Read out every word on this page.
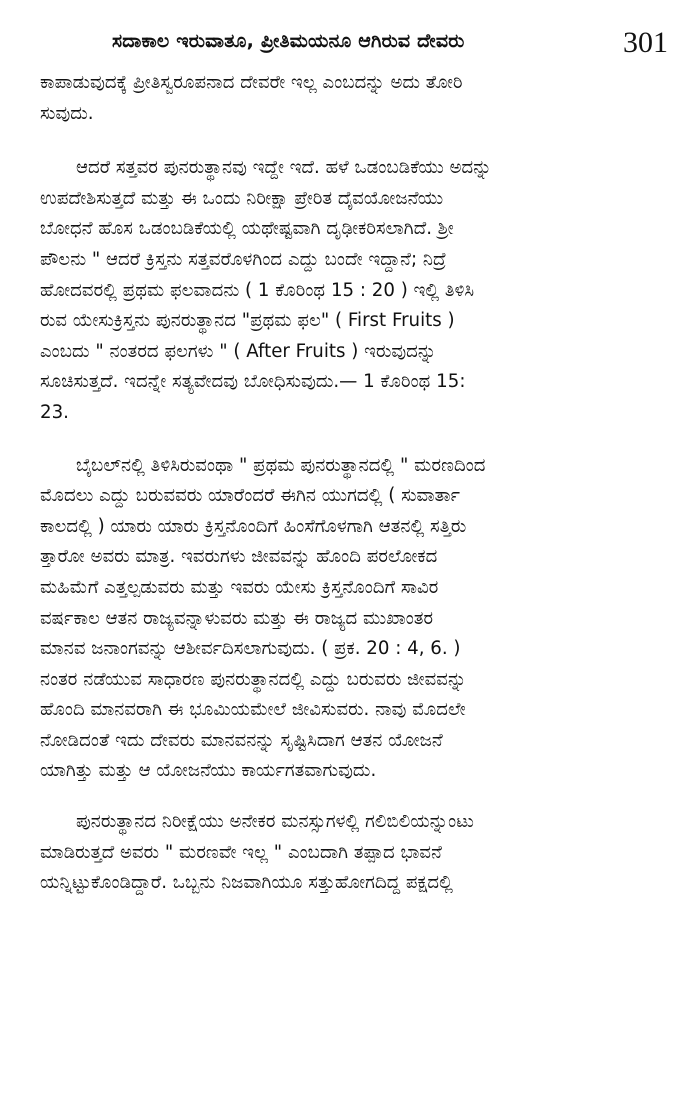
ಸದಾಕಾಲ ಇರುವಾತೂ, ಪ್ರೀತಿಮಯನೂ ಆಗಿರುವ ದೇವರು	301
ಕಾಪಾಡುವುದಕ್ಕೆ ಪ್ರೀತಿಸ್ವರೂಪನಾದ ದೇವರೇ ಇಲ್ಲ ಎಂಬದನ್ನು ಅದು ತೋರಿ
ಸುವುದು.
ಆದರೆ ಸತ್ತವರ ಪುನರುತ್ಥಾನವು ಇದ್ದೇ ಇದೆ. ಹಳೆ ಒಡಂಬಡಿಕೆಯು ಅದನ್ನು
ಉಪದೇಶಿಸುತ್ತದೆ ಮತ್ತು ಈ ಒಂದು ನಿರೀಕ್ಷಾ ಪ್ರೇರಿತ ದೈವಯೋಜನೆಯು
ಬೋಧನೆ ಹೊಸ ಒಡಂಬಡಿಕೆಯಲ್ಲಿ ಯಥೇಷ್ಟವಾಗಿ ದೃಢೀಕರಿಸಲಾಗಿದೆ. ಶ್ರೀ
ಪೌಲನು " ಆದರೆ ಕ್ರಿಸ್ತನು ಸತ್ತವರೊಳಗಿಂದ ಎದ್ದು ಬಂದೇ ಇದ್ದಾನೆ; ನಿದ್ರೆ
ಹೋದವರಲ್ಲಿ ಪ್ರಥಮ ಫಲವಾದನು ( 1 ಕೊರಿಂಥ 15 : 20 ) ಇಲ್ಲಿ ತಿಳಿಸಿ
ರುವ ಯೇಸುಕ್ರಿಸ್ತನು ಪುನರುತ್ಥಾನದ "ಪ್ರಥಮ ಫಲ" ( First Fruits )
ಎಂಬದು " ನಂತರದ ಫಲಗಳು " ( After Fruits ) ಇರುವುದನ್ನು
ಸೂಚಿಸುತ್ತದೆ. ಇದನ್ನೇ ಸತ್ಯವೇದವು ಬೋಧಿಸುವುದು.— 1 ಕೊರಿಂಥ 15:
23.
ಬೈಬಲ್‌ನಲ್ಲಿ ತಿಳಿಸಿರುವಂಥಾ " ಪ್ರಥಮ ಪುನರುತ್ಥಾನದಲ್ಲಿ " ಮರಣದಿಂದ
ಮೊದಲು ಎದ್ದು ಬರುವವರು ಯಾರೆಂದರೆ ಈಗಿನ ಯುಗದಲ್ಲಿ ( ಸುವಾರ್ತಾ
ಕಾಲದಲ್ಲಿ ) ಯಾರು ಯಾರು ಕ್ರಿಸ್ತನೊಂದಿಗೆ ಹಿಂಸೆಗೊಳಗಾಗಿ ಆತನಲ್ಲಿ ಸತ್ತಿರು
ತ್ತಾರೋ ಅವರು ಮಾತ್ರ. ಇವರುಗಳು ಜೀವವನ್ನು ಹೊಂದಿ ಪರಲೋಕದ
ಮಹಿಮೆಗೆ ಎತ್ತಲ್ಪಡುವರು ಮತ್ತು ಇವರು ಯೇಸು ಕ್ರಿಸ್ತನೊಂದಿಗೆ ಸಾವಿರ
ವರ್ಷಕಾಲ ಆತನ ರಾಜ್ಯವನ್ನಾಳುವರು ಮತ್ತು ಈ ರಾಜ್ಯದ ಮುಖಾಂತರ
ಮಾನವ ಜನಾಂಗವನ್ನು ಆಶೀರ್ವದಿಸಲಾಗುವುದು. ( ಪ್ರಕ. 20 : 4, 6. )
ನಂತರ ನಡೆಯುವ ಸಾಧಾರಣ ಪುನರುತ್ಥಾನದಲ್ಲಿ ಎದ್ದು ಬರುವರು ಜೀವವನ್ನು
ಹೊಂದಿ ಮಾನವರಾಗಿ ಈ ಭೂಮಿಯಮೇಲೆ ಜೀವಿಸುವರು. ನಾವು ಮೊದಲೇ
ನೋಡಿದಂತೆ ಇದು ದೇವರು ಮಾನವನನ್ನು ಸೃಷ್ಟಿಸಿದಾಗ ಆತನ ಯೋಜನೆ
ಯಾಗಿತ್ತು ಮತ್ತು ಆ ಯೋಜನೆಯು ಕಾರ್ಯಗತವಾಗುವುದು.
ಪುನರುತ್ಥಾನದ ನಿರೀಕ್ಷೆಯು ಅನೇಕರ ಮನಸ್ಸುಗಳಲ್ಲಿ ಗಲಿಬಿಲಿಯನ್ನುಂಟು
ಮಾಡಿರುತ್ತದೆ ಅವರು " ಮರಣವೇ ಇಲ್ಲ " ಎಂಬದಾಗಿ ತಪ್ಪಾದ ಭಾವನೆ
ಯನ್ನಿಟ್ಟುಕೊಂಡಿದ್ದಾರೆ. ಒಬ್ಬನು ನಿಜವಾಗಿಯೂ ಸತ್ತುಹೋಗದಿದ್ದ ಪಕ್ಷದಲ್ಲಿ
